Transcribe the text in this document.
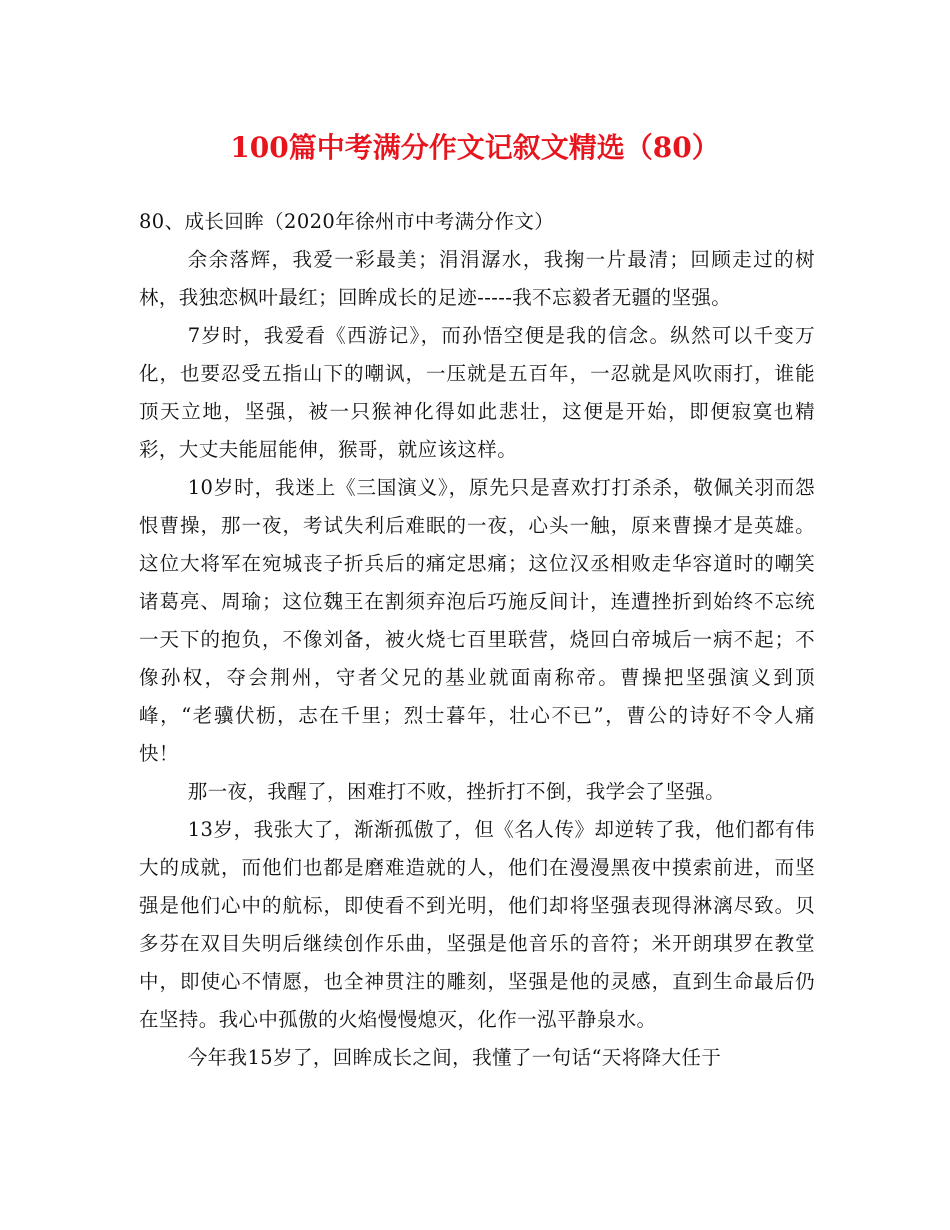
100篇中考满分作文记叙文精选（80）

80、成长回眸（2020年徐州市中考满分作文）

余余落辉，我爱一彩最美；涓涓潺水，我掬一片最清；回顾走过的树林，我独恋枫叶最红；回眸成长的足迹-----我不忘毅者无疆的坚强。

7岁时，我爱看《西游记》，而孙悟空便是我的信念。纵然可以千变万化，也要忍受五指山下的嘲讽，一压就是五百年，一忍就是风吹雨打，谁能顶天立地，坚强，被一只猴神化得如此悲壮，这便是开始，即便寂寞也精彩，大丈夫能屈能伸，猴哥，就应该这样。

10岁时，我迷上《三国演义》，原先只是喜欢打打杀杀，敬佩关羽而怨恨曹操，那一夜，考试失利后难眠的一夜，心头一触，原来曹操才是英雄。这位大将军在宛城丧子折兵后的痛定思痛；这位汉丞相败走华容道时的嘲笑诸葛亮、周瑜；这位魏王在割须弃泡后巧施反间计，连遭挫折到始终不忘统一天下的抱负，不像刘备，被火烧七百里联营，烧回白帝城后一病不起；不像孙权，夺会荆州，守者父兄的基业就面南称帝。曹操把坚强演义到顶峰，“老骥伏枥，志在千里；烈士暮年，壮心不已”，曹公的诗好不令人痛快！

那一夜，我醒了，困难打不败，挫折打不倒，我学会了坚强。

13岁，我张大了，渐渐孤傲了，但《名人传》却逆转了我，他们都有伟大的成就，而他们也都是磨难造就的人，他们在漫漫黑夜中摸索前进，而坚强是他们心中的航标，即使看不到光明，他们却将坚强表现得淋漓尽致。贝多芬在双目失明后继续创作乐曲，坚强是他音乐的音符；米开朗琪罗在教堂中，即使心不情愿，也全神贯注的雕刻，坚强是他的灵感，直到生命最后仍在坚持。我心中孤傲的火焰慢慢熄灭，化作一泓平静泉水。

今年我15岁了，回眸成长之间，我懂了一句话“天将降大任于
